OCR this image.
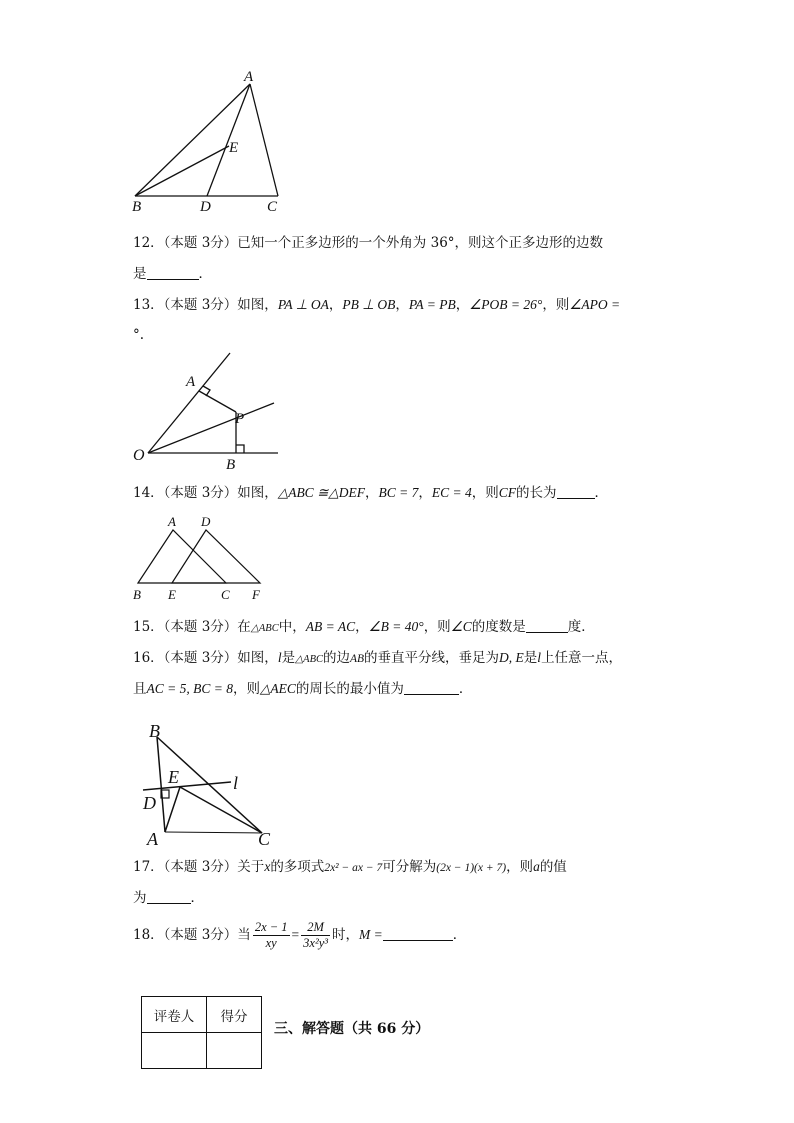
A
E
B	D	C
12．（本题 3分）已知一个正多边形的一个外角为 36°，则这个正多边形的边数
是	．
13．（本题 3分）如图，PA ⊥ OA，PB ⊥ OB，PA = PB，∠POB = 26°，则∠APO =
°.
A
P
O
B
14．（本题 3分）如图，△ABC ≅△DEF，BC = 7，EC = 4，则CF的长为	．
A D
B E	C F
15．（本题 3分）在△ABC中，AB = AC，∠B = 40°，则∠C的度数是	度．
16．（本题 3分）如图，l是△ABC的边AB的垂直平分线，垂足为D, E是l上任意一点，
且AC = 5, BC = 8，则△AEC的周长的最小值为	．
B
E	l
D
A	C
17．（本题 3分）关于x的多项式2x² − ax − 7可分解为(2x − 1)(x + 7)，则a的值
为	．
18．（本题 3分）当 $\frac{2x - 1}{xy} = \frac{2M}{\text{3x²y³}}$ 时，M =	．
评卷人	得分

三、解答题（共 66 分）
